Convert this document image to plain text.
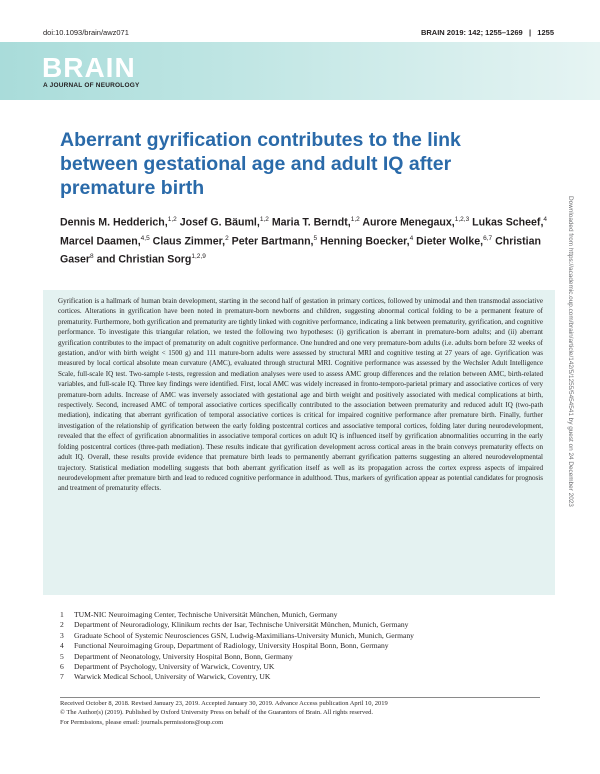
doi:10.1093/brain/awz071	BRAIN 2019: 142; 1255–1269   |   1255
BRAIN
A JOURNAL OF NEUROLOGY
Aberrant gyrification contributes to the link between gestational age and adult IQ after premature birth
Dennis M. Hedderich,$^{1,2}$ Josef G. Bäuml,$^{1,2}$ Maria T. Berndt,$^{1,2}$ Aurore Menegaux,$^{1,2,3}$ Lukas Scheef,$^4$ Marcel Daamen,$^{4,5}$ Claus Zimmer,$^2$ Peter Bartmann,$^5$ Henning Boecker,$^4$ Dieter Wolke,$^{6,7}$ Christian Gaser$^8$ and Christian Sorg$^{1,2,9}$

Gyrification is a hallmark of human brain development, starting in the second half of gestation in primary cortices, followed by unimodal and then transmodal associative cortices. Alterations in gyrification have been noted in premature-born newborns and children, suggesting abnormal cortical folding to be a permanent feature of prematurity. Furthermore, both gyrification and prematurity are tightly linked with cognitive performance, indicating a link between prematurity, gyrification, and cognitive performance. To investigate this triangular relation, we tested the following two hypotheses: (i) gyrification is aberrant in premature-born adults; and (ii) aberrant gyrification contributes to the impact of prematurity on adult cognitive performance. One hundred and one very premature-born adults (i.e. adults born before 32 weeks of gestation, and/or with birth weight < 1500 g) and 111 mature-born adults were assessed by structural MRI and cognitive testing at 27 years of age. Gyrification was measured by local cortical absolute mean curvature (AMC), evaluated through structural MRI. Cognitive performance was assessed by the Wechsler Adult Intelligence Scale, full-scale IQ test. Two-sample t-tests, regression and mediation analyses were used to assess AMC group differences and the relation between AMC, birth-related variables, and full-scale IQ. Three key findings were identified. First, local AMC was widely increased in fronto-temporo-parietal primary and associative cortices of very premature-born adults. Increase of AMC was inversely associated with gestational age and birth weight and positively associated with medical complications at birth, respectively. Second, increased AMC of temporal associative cortices specifically contributed to the association between prematurity and reduced adult IQ (two-path mediation), indicating that aberrant gyrification of temporal associative cortices is critical for impaired cognitive performance after premature birth. Finally, further investigation of the relationship of gyrification between the early folding postcentral cortices and associative temporal cortices, folding later during neurodevelopment, revealed that the effect of gyrification abnormalities in associative temporal cortices on adult IQ is influenced itself by gyrification abnormalities occurring in the early folding postcentral cortices (three-path mediation). These results indicate that gyrification development across cortical areas in the brain conveys prematurity effects on adult IQ. Overall, these results provide evidence that premature birth leads to permanently aberrant gyrification patterns suggesting an altered neurodevelopmental trajectory. Statistical mediation modelling suggests that both aberrant gyrification itself as well as its propagation across the cortex express aspects of impaired neurodevelopment after premature birth and lead to reduced cognitive performance in adulthood. Thus, markers of gyrification appear as potential candidates for prognosis and treatment of prematurity effects.

1	TUM-NIC Neuroimaging Center, Technische Universität München, Munich, Germany
2	Department of Neuroradiology, Klinikum rechts der Isar, Technische Universität München, Munich, Germany
3	Graduate School of Systemic Neurosciences GSN, Ludwig-Maximilians-University Munich, Munich, Germany
4	Functional Neuroimaging Group, Department of Radiology, University Hospital Bonn, Bonn, Germany
5	Department of Neonatology, University Hospital Bonn, Bonn, Germany
6	Department of Psychology, University of Warwick, Coventry, UK
7	Warwick Medical School, University of Warwick, Coventry, UK
Received October 8, 2018. Revised January 23, 2019. Accepted January 30, 2019. Advance Access publication April 10, 2019
© The Author(s) (2019). Published by Oxford University Press on behalf of the Guarantors of Brain. All rights reserved.
For Permissions, please email: journals.permissions@oup.com
Downloaded from https://academic.oup.com/brain/article/142/5/1255/5454541 by guest on 24 December 2023
